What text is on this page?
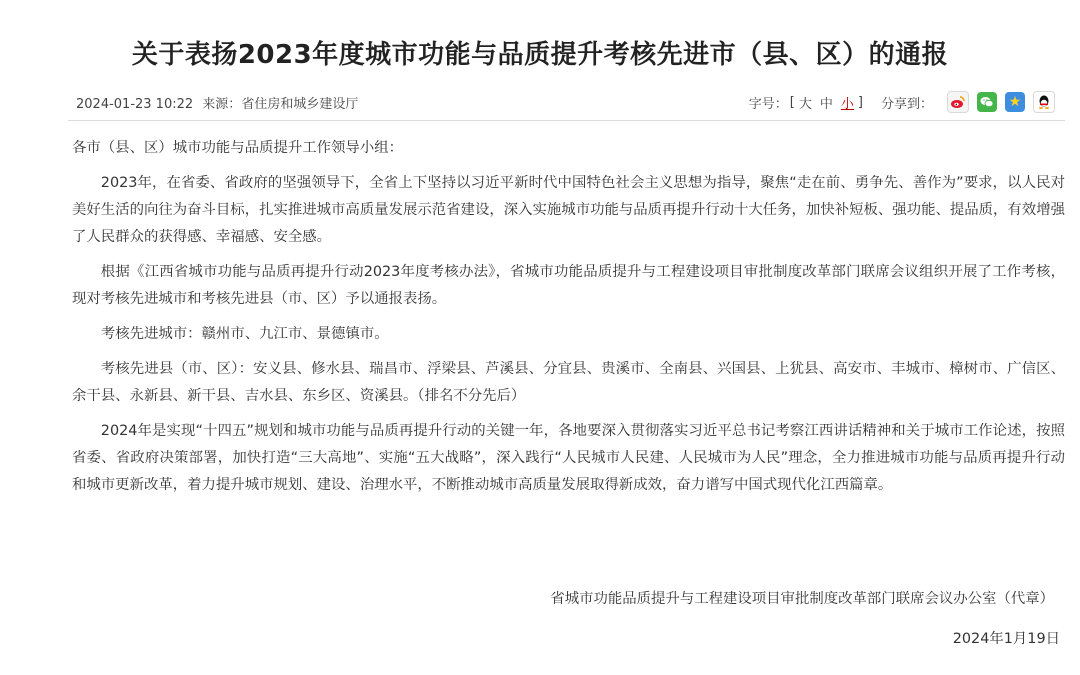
关于表扬2023年度城市功能与品质提升考核先进市（县、区）的通报
2024-01-23 10:22 来源：省住房和城乡建设厅	字号： [ 大 中 小 ] 分享到：	★

各市（县、区）城市功能与品质提升工作领导小组：

2023年，在省委、省政府的坚强领导下，全省上下坚持以习近平新时代中国特色社会主义思想为指导，聚焦“走在前、勇争先、善作为”要求，以人民对美好生活的向往为奋斗目标，扎实推进城市高质量发展示范省建设，深入实施城市功能与品质再提升行动十大任务，加快补短板、强功能、提品质，有效增强了人民群众的获得感、幸福感、安全感。

根据《江西省城市功能与品质再提升行动2023年度考核办法》，省城市功能品质提升与工程建设项目审批制度改革部门联席会议组织开展了工作考核，现对考核先进城市和考核先进县（市、区）予以通报表扬。

考核先进城市：赣州市、九江市、景德镇市。

考核先进县（市、区）：安义县、修水县、瑞昌市、浮梁县、芦溪县、分宜县、贵溪市、全南县、兴国县、上犹县、高安市、丰城市、樟树市、广信区、余干县、永新县、新干县、吉水县、东乡区、资溪县。（排名不分先后）

2024年是实现“十四五”规划和城市功能与品质再提升行动的关键一年，各地要深入贯彻落实习近平总书记考察江西讲话精神和关于城市工作论述，按照省委、省政府决策部署，加快打造“三大高地”、实施“五大战略”，深入践行“人民城市人民建、人民城市为人民”理念，全力推进城市功能与品质再提升行动和城市更新改革，着力提升城市规划、建设、治理水平，不断推动城市高质量发展取得新成效，奋力谱写中国式现代化江西篇章。

省城市功能品质提升与工程建设项目审批制度改革部门联席会议办公室（代章）
2024年1月19日
